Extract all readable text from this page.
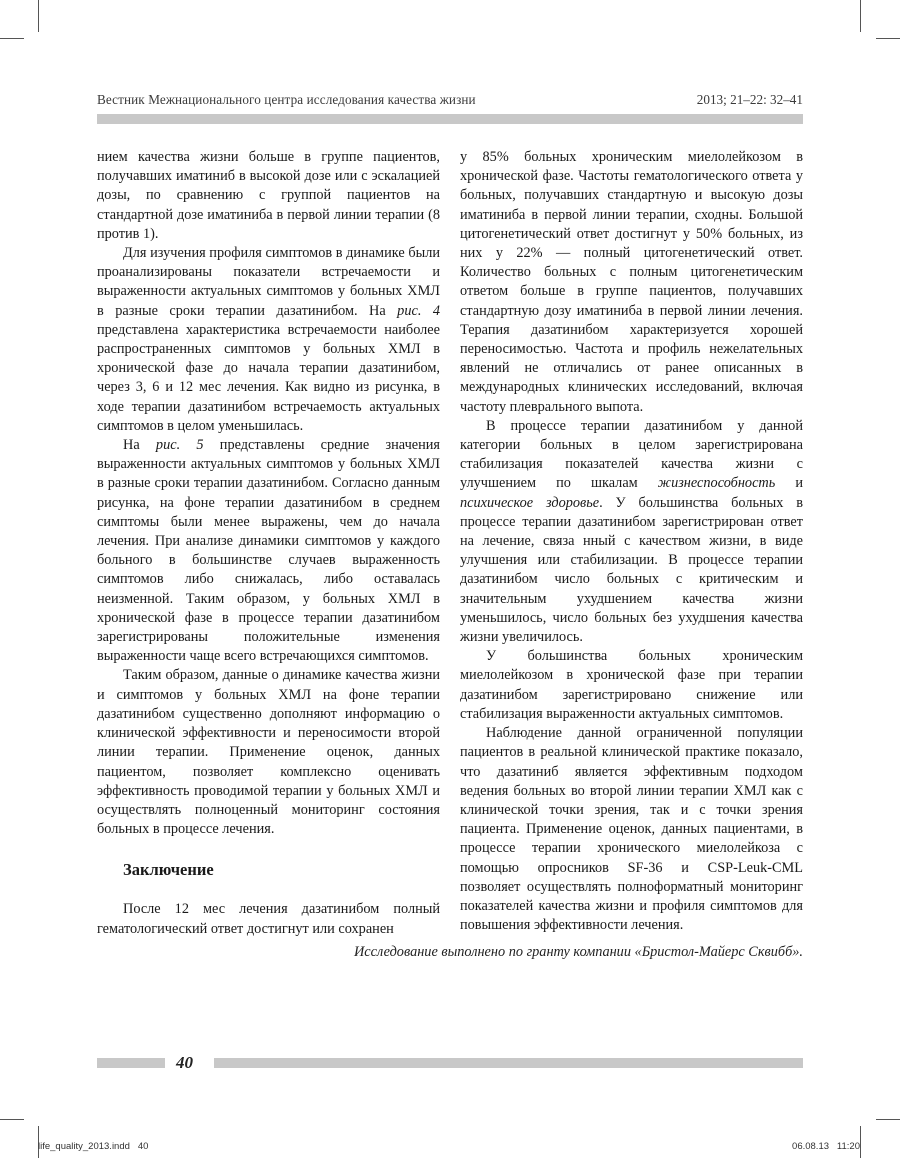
Вестник Межнационального центра исследования качества жизни	2013; 21–22: 32–41

нием качества жизни больше в группе пациентов, получавших иматиниб в высокой дозе или с эскалацией дозы, по сравнению с группой пациентов на стандартной дозе иматиниба в первой линии терапии (8 против 1).

Для изучения профиля симптомов в динамике были проанализированы показатели встречаемости и выраженности актуальных симптомов у больных ХМЛ в разные сроки терапии дазатинибом. На рис. 4 представлена характеристика встречаемости наиболее распространенных симптомов у больных ХМЛ в хронической фазе до начала терапии дазатинибом, через 3, 6 и 12 мес лечения. Как видно из рисунка, в ходе терапии дазатинибом встречаемость актуальных симптомов в целом уменьшилась.

На рис. 5 представлены средние значения выраженности актуальных симптомов у больных ХМЛ в разные сроки терапии дазатинибом. Согласно данным рисунка, на фоне терапии дазатинибом в среднем симптомы были менее выражены, чем до начала лечения. При анализе динамики симптомов у каждого больного в большинстве случаев выраженность симптомов либо снижалась, либо оставалась неизменной. Таким образом, у больных ХМЛ в хронической фазе в процессе терапии дазатинибом зарегистрированы положительные изменения выраженности чаще всего встречающихся симптомов.

Таким образом, данные о динамике качества жизни и симптомов у больных ХМЛ на фоне терапии дазатинибом существенно дополняют информацию о клинической эффективности и переносимости второй линии терапии. Применение оценок, данных пациентом, позволяет комплексно оценивать эффективность проводимой терапии у больных ХМЛ и осуществлять полноценный мониторинг состояния больных в процессе лечения.

Заключение

После 12 мес лечения дазатинибом полный гематологический ответ достигнут или сохранен

у 85% больных хроническим миелолейкозом в хронической фазе. Частоты гематологического ответа у больных, получавших стандартную и высокую дозы иматиниба в первой линии терапии, сходны. Большой цитогенетический ответ достигнут у 50% больных, из них у 22% — полный цитогенетический ответ. Количество больных с полным цитогенетическим ответом больше в группе пациентов, получавших стандартную дозу иматиниба в первой линии лечения. Терапия дазатинибом характеризуется хорошей переносимостью. Частота и профиль нежелательных явлений не отличались от ранее описанных в международных клинических исследований, включая частоту плеврального выпота.

В процессе терапии дазатинибом у данной категории больных в целом зарегистрирована стабилизация показателей качества жизни с улучшением по шкалам жизнеспособность и психическое здоровье. У большинства больных в процессе терапии дазатинибом зарегистрирован ответ на лечение, связа нный с качеством жизни, в виде улучшения или стабилизации. В процессе терапии дазатинибом число больных с критическим и значительным ухудшением качества жизни уменьшилось, число больных без ухудшения качества жизни увеличилось.

У большинства больных хроническим миелолейкозом в хронической фазе при терапии дазатинибом зарегистрировано снижение или стабилизация выраженности актуальных симптомов.

Наблюдение данной ограниченной популяции пациентов в реальной клинической практике показало, что дазатиниб является эффективным подходом ведения больных во второй линии терапии ХМЛ как с клинической точки зрения, так и с точки зрения пациента. Применение оценок, данных пациентами, в процессе терапии хронического миелолейкоза с помощью опросников SF-36 и CSP-Leuk-CML позволяет осуществлять полноформатный мониторинг показателей качества жизни и профиля симптомов для повышения эффективности лечения.

Исследование выполнено по гранту компании «Бристол-Майерс Сквибб».
40
life_quality_2013.indd   40	06.08.13   11:20
